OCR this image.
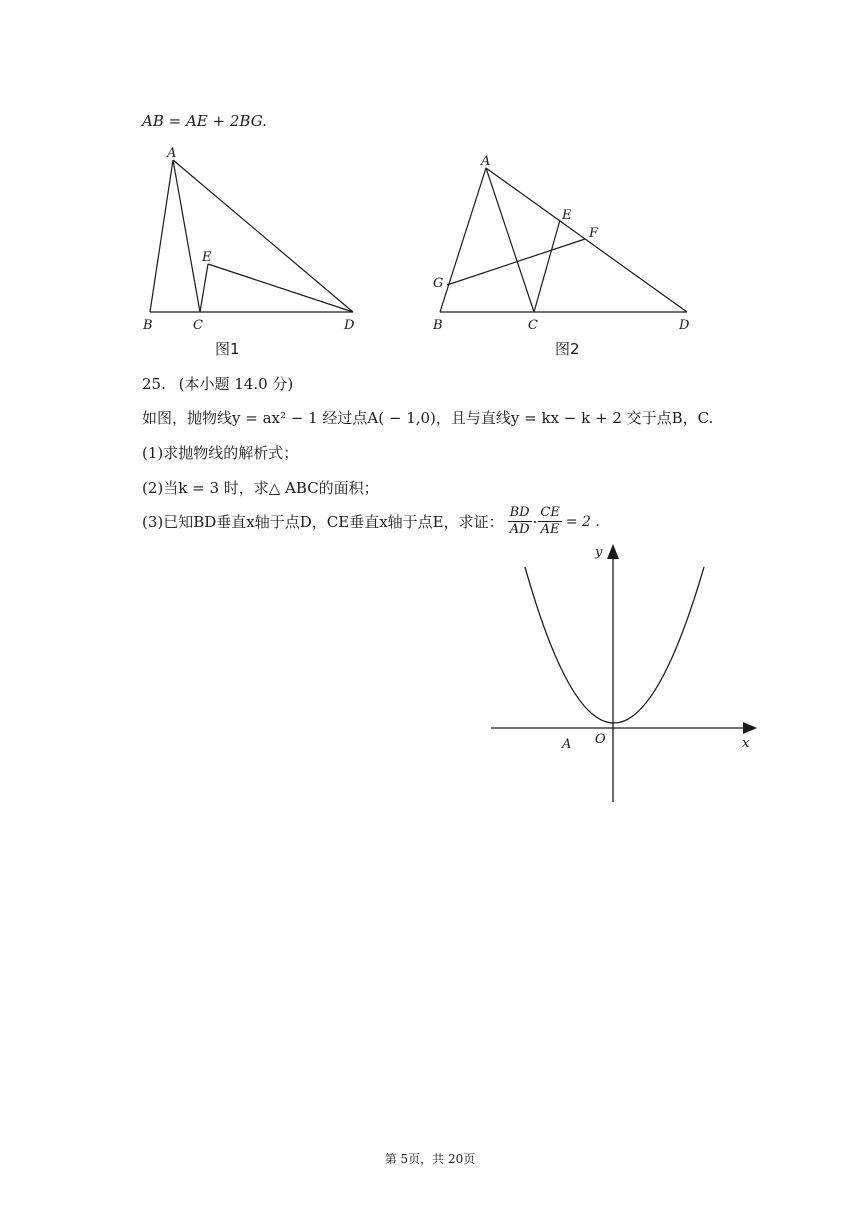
AB = AE + 2BG.
A
B	C	D
E
图1
A
B	C	D
E
F
G
图2
25. (本小题 14.0 分)
如图，抛物线y = ax² − 1 经过点A( − 1,0)，且与直线y = kx − k + 2 交于点B，C.
(1)求抛物线的解析式；
(2)当k = 3 时，求△ ABC的面积；
(3)已知BD垂直x轴于点D，CE垂直x轴于点E，求证： $\frac{BD}{AD} \cdot \frac{CE}{AE} = 2$ .
y
x
A O
第 5页，共 20页
